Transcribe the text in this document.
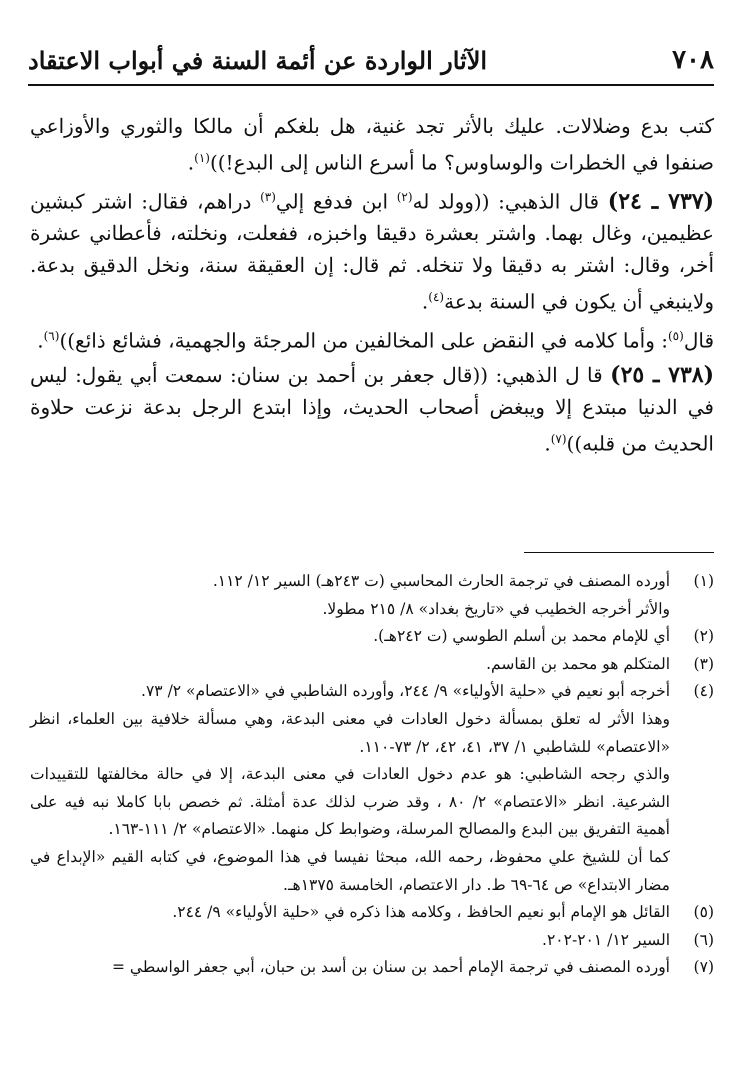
٧٠٨
الآثار الواردة عن أئمة السنة في أبواب الاعتقاد

كتب بدع وضلالات. عليك بالأثر تجد غنية، هل بلغكم أن مالكا والثوري والأوزاعي صنفوا في الخطرات والوساوس؟ ما أسرع الناس إلى البدع!))$^{(١)}$.

(٧٣٧ ـ ٢٤) قال الذهبي: ((وولد له$^{(٢)}$ ابن فدفع إلي$^{(٣)}$ دراهم، فقال: اشتر كبشين عظيمين، وغال بهما. واشتر بعشرة دقيقا واخبزه، ففعلت، ونخلته، فأعطاني عشرة أخر، وقال: اشتر به دقيقا ولا تنخله. ثم قال: إن العقيقة سنة، ونخل الدقيق بدعة. ولاينبغي أن يكون في السنة بدعة$^{(٤)}$.

قال$^{(٥)}$: وأما كلامه في النقض على المخالفين من المرجئة والجهمية، فشائع ذائع))$^{(٦)}$.

(٧٣٨ ـ ٢٥) قا ل الذهبي: ((قال جعفر بن أحمد بن سنان: سمعت أبي يقول: ليس في الدنيا مبتدع إلا ويبغض أصحاب الحديث، وإذا ابتدع الرجل بدعة نزعت حلاوة الحديث من قلبه))$^{(٧)}$.

(١)
أورده المصنف في ترجمة الحارث المحاسبي (ت ٢٤٣هـ) السير ١٢/ ١١٢.
والأثر أخرجه الخطيب في «تاريخ بغداد» ٨/ ٢١٥ مطولا.
(٢)
أي للإمام محمد بن أسلم الطوسي (ت ٢٤٢هـ).
(٣)
المتكلم هو محمد بن القاسم.
(٤)
أخرجه أبو نعيم في «حلية الأولياء» ٩/ ٢٤٤، وأورده الشاطبي في «الاعتصام» ٢/ ٧٣.
وهذا الأثر له تعلق بمسألة دخول العادات في معنى البدعة، وهي مسألة خلافية بين العلماء، انظر «الاعتصام» للشاطبي ١/ ٣٧، ٤١، ٤٢، ٢/ ٧٣-١١٠.
والذي رجحه الشاطبي: هو عدم دخول العادات في معنى البدعة، إلا في حالة مخالفتها للتقييدات الشرعية. انظر «الاعتصام» ٢/ ٨٠ ، وقد ضرب لذلك عدة أمثلة. ثم خصص بابا كاملا نبه فيه على أهمية التفريق بين البدع والمصالح المرسلة، وضوابط كل منهما. «الاعتصام» ٢/ ١١١-١٦٣.
كما أن للشيخ علي محفوظ، رحمه الله، مبحثا نفيسا في هذا الموضوع، في كتابه القيم «الإبداع في مضار الابتداع» ص ٦٤-٦٩ ط. دار الاعتصام، الخامسة ١٣٧٥هـ.
(٥)
القائل هو الإمام أبو نعيم الحافظ ، وكلامه هذا ذكره في «حلية الأولياء» ٩/ ٢٤٤.
(٦)
السير ١٢/ ٢٠١-٢٠٢.
(٧)
أورده المصنف في ترجمة الإمام أحمد بن سنان بن أسد بن حبان، أبي جعفر الواسطي =
